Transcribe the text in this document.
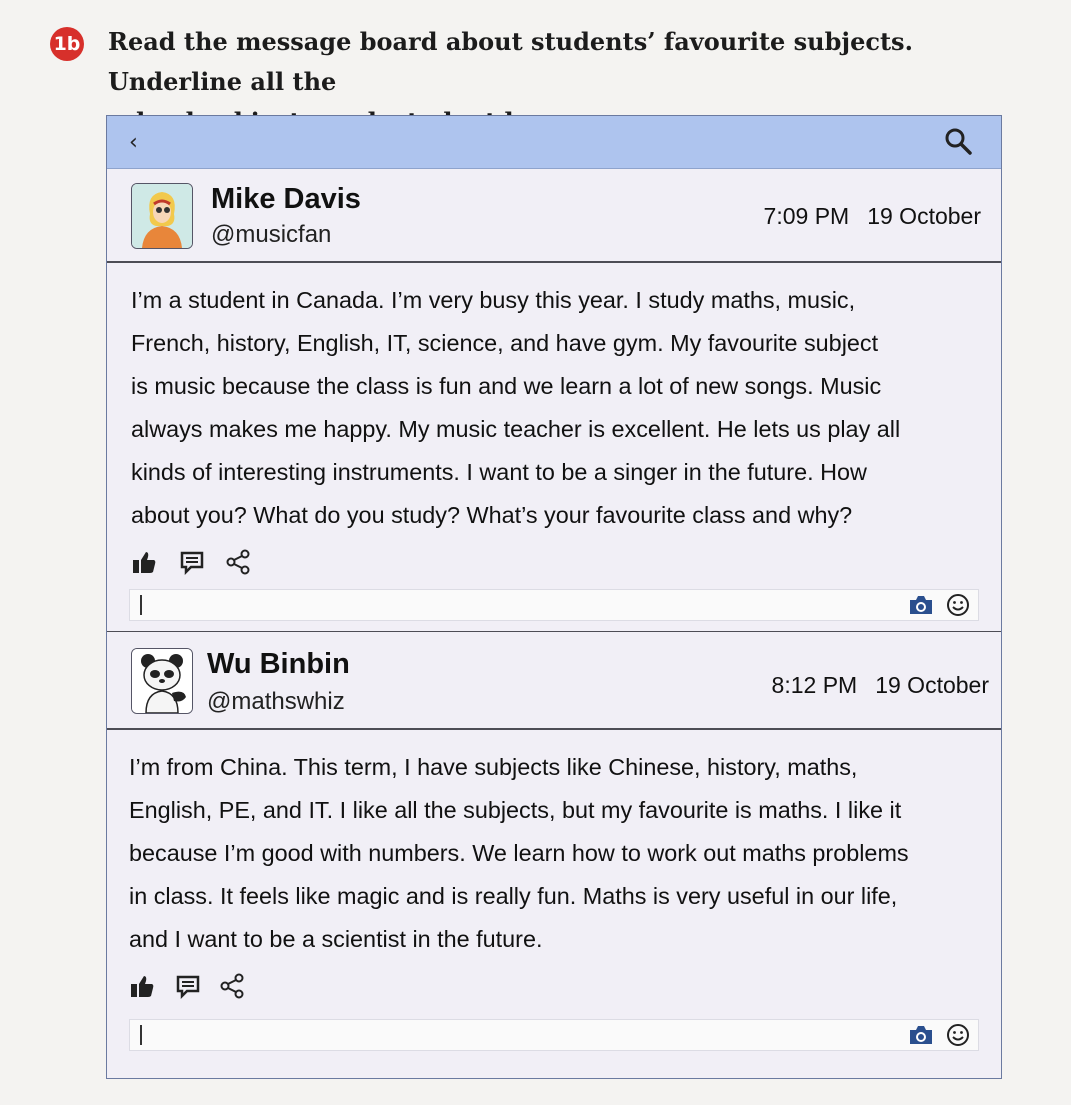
1b Read the message board about students’ favourite subjects. Underline all the
‹
Mike Davis
@musicfan
7:09 PM 19 October
I’m a student in Canada. I’m very busy this year. I study maths, music,
French, history, English, IT, science, and have gym. My favourite subject
is music because the class is fun and we learn a lot of new songs. Music
always makes me happy. My music teacher is excellent. He lets us play all
kinds of interesting instruments. I want to be a singer in the future. How
about you? What do you study? What’s your favourite class and why?
Wu Binbin
@mathswhiz
8:12 PM 19 October
I’m from China. This term, I have subjects like Chinese, history, maths,
English, PE, and IT. I like all the subjects, but my favourite is maths. I like it
because I’m good with numbers. We learn how to work out maths problems
in class. It feels like magic and is really fun. Maths is very useful in our life,
and I want to be a scientist in the future.
